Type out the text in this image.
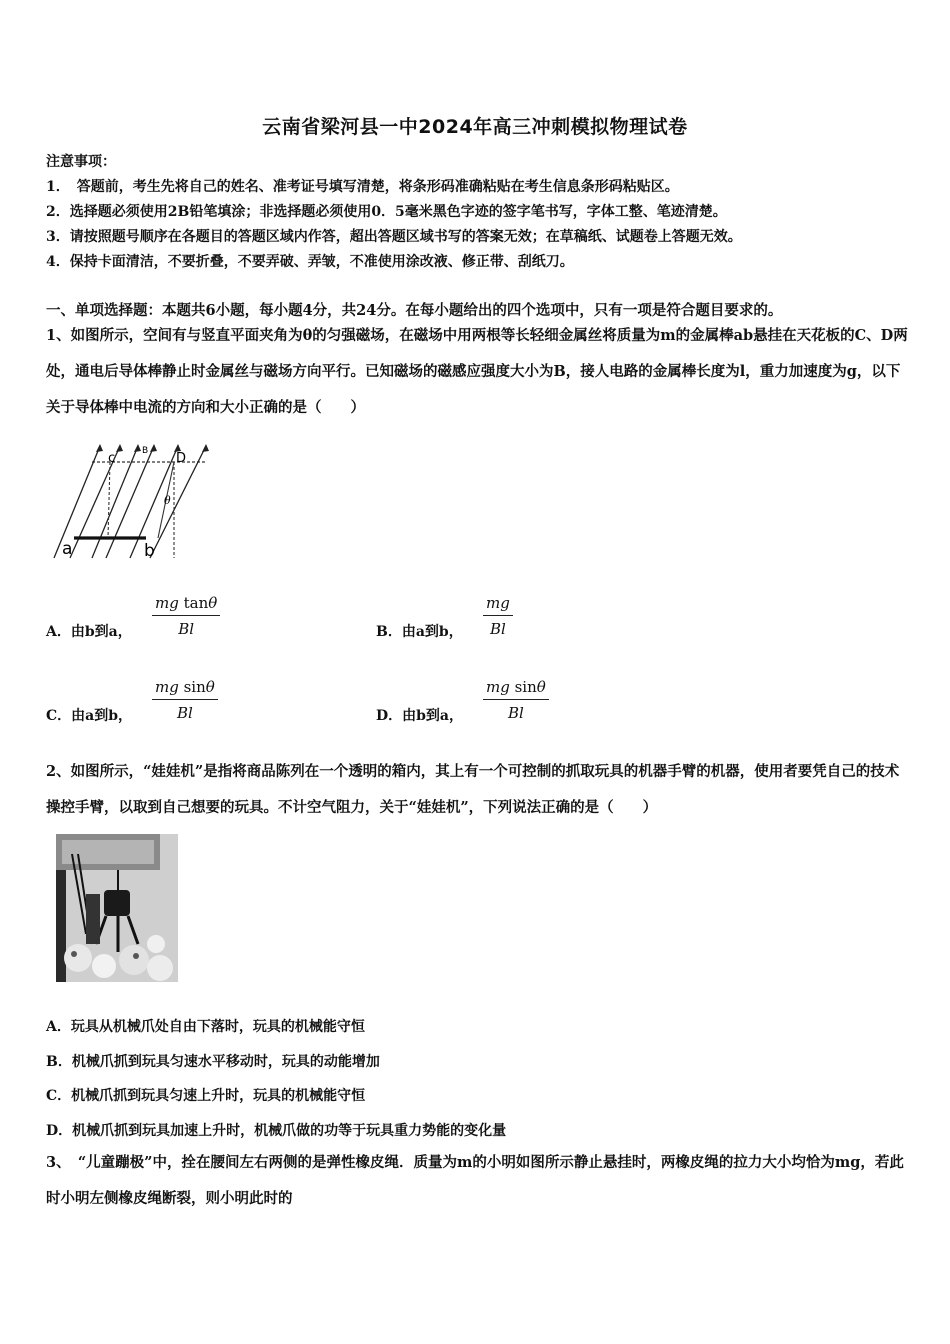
云南省梁河县一中2024年高三冲刺模拟物理试卷
注意事项：
1．　答题前，考生先将自己的姓名、准考证号填写清楚，将条形码准确粘贴在考生信息条形码粘贴区。
2．选择题必须使用2B铅笔填涂；非选择题必须使用0．5毫米黑色字迹的签字笔书写，字体工整、笔迹清楚。
3．请按照题号顺序在各题目的答题区域内作答，超出答题区域书写的答案无效；在草稿纸、试题卷上答题无效。
4．保持卡面清洁，不要折叠，不要弄破、弄皱，不准使用涂改液、修正带、刮纸刀。
一、单项选择题：本题共6小题，每小题4分，共24分。在每小题给出的四个选项中，只有一项是符合题目要求的。
1、如图所示，空间有与竖直平面夹角为θ的匀强磁场，在磁场中用两根等长轻细金属丝将质量为m的金属棒ab悬挂在天花板的C、D两处，通电后导体棒静止时金属丝与磁场方向平行。已知磁场的磁感应强度大小为B，接人电路的金属棒长度为l，重力加速度为g，以下关于导体棒中电流的方向和大小正确的是（　　）
c	B D
θ
a	b
A．由b到a， $\frac{\text{mg tanθ}}{Bl}$	B．由a到b， $\frac{mg}{Bl}$
C．由a到b， $\frac{\text{mg sinθ}}{Bl}$	D．由b到a， $\frac{\text{mg sinθ}}{Bl}$
2、如图所示，“娃娃机”是指将商品陈列在一个透明的箱内，其上有一个可控制的抓取玩具的机器手臂的机器，使用者要凭自己的技术操控手臂，以取到自己想要的玩具。不计空气阻力，关于“娃娃机”，下列说法正确的是（　　）
A．玩具从机械爪处自由下落时，玩具的机械能守恒
B．机械爪抓到玩具匀速水平移动时，玩具的动能增加
C．机械爪抓到玩具匀速上升时，玩具的机械能守恒
D．机械爪抓到玩具加速上升时，机械爪做的功等于玩具重力势能的变化量
3、　“儿童蹦极”中，拴在腰间左右两侧的是弹性橡皮绳．质量为m的小明如图所示静止悬挂时，两橡皮绳的拉力大小均恰为mg，若此时小明左侧橡皮绳断裂，则小明此时的
